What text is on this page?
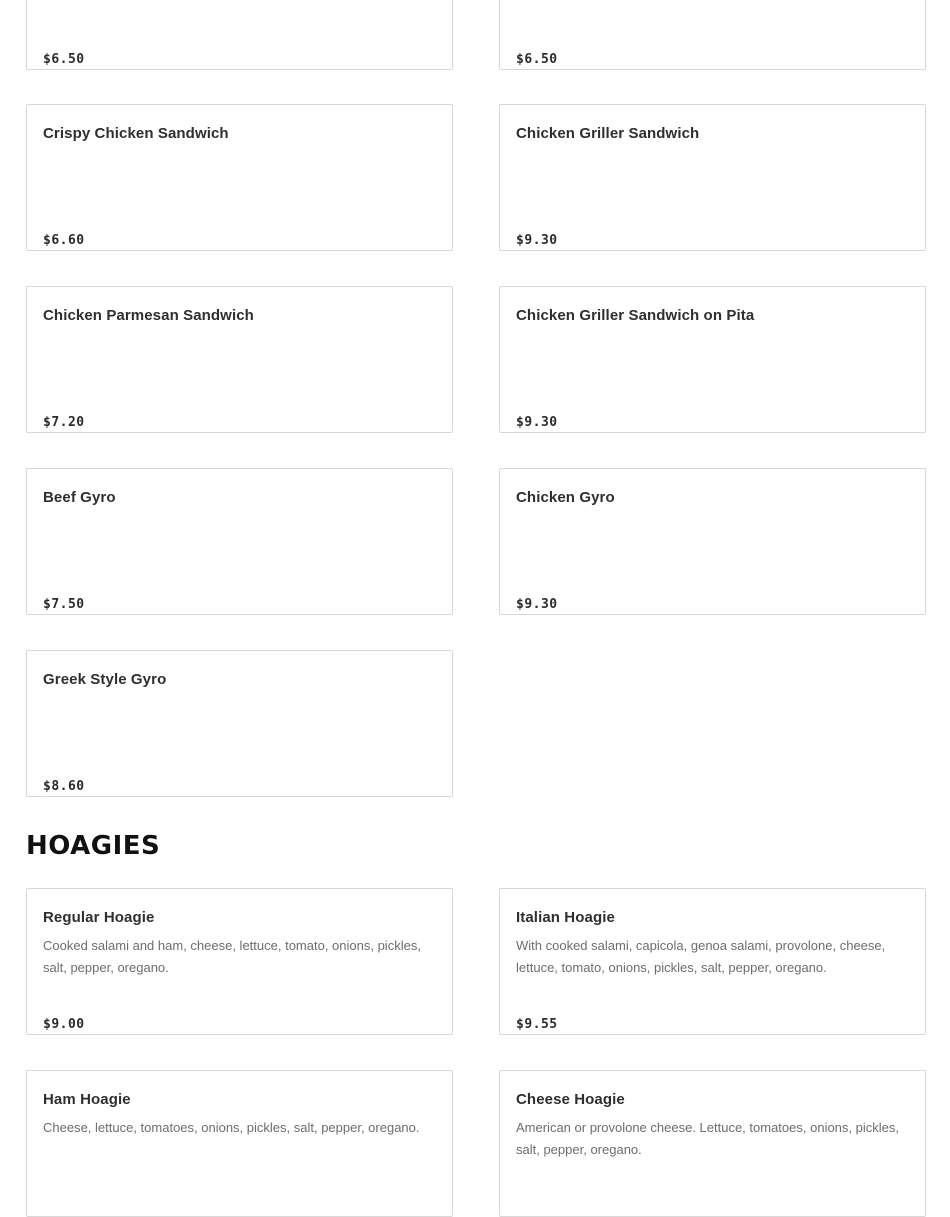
$6.50	$6.50
Crispy Chicken Sandwich
$6.60
Chicken Griller Sandwich
$9.30
Chicken Parmesan Sandwich
$7.20
Chicken Griller Sandwich on Pita
$9.30
Beef Gyro
$7.50
Chicken Gyro
$9.30
Greek Style Gyro
$8.60
HOAGIES
Regular Hoagie
Cooked salami and ham, cheese, lettuce, tomato, onions, pickles, salt, pepper, oregano.
$9.00
Italian Hoagie
With cooked salami, capicola, genoa salami, provolone, cheese, lettuce, tomato, onions, pickles, salt, pepper, oregano.
$9.55
Ham Hoagie
Cheese, lettuce, tomatoes, onions, pickles, salt, pepper, oregano.
Cheese Hoagie
American or provolone cheese. Lettuce, tomatoes, onions, pickles, salt, pepper, oregano.
